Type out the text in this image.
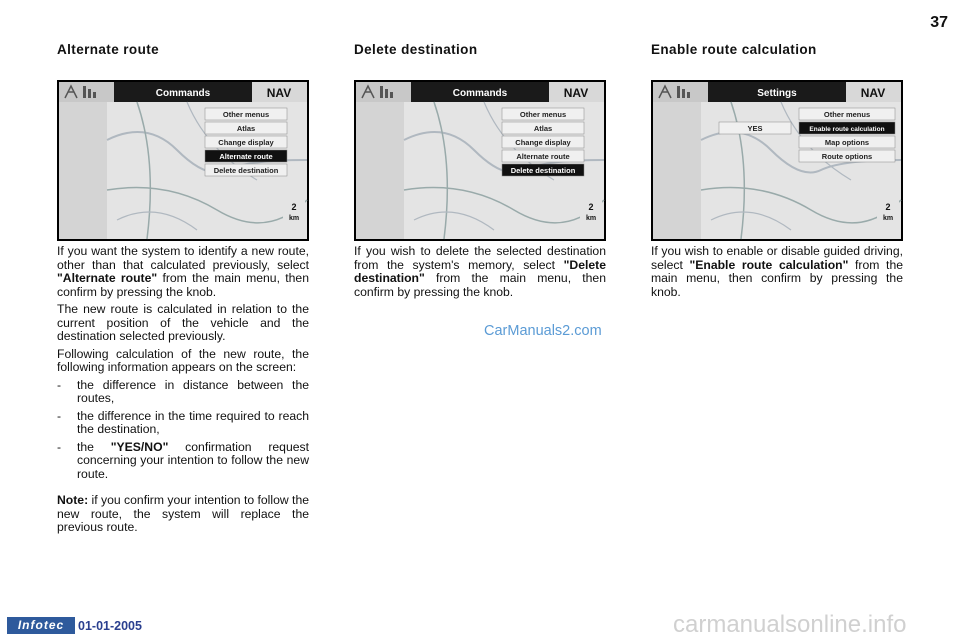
37
Alternate route
Commands	NAV
Other menus
Atlas
Change display
Alternate route
Delete destination
2
km

If you want the system to identify a new route, other than that calculated previously, select "Alternate route" from the main menu, then confirm by pressing the knob.

The new route is calculated in relation to the current position of the vehicle and the destination selected previously.

Following calculation of the new route, the following information appears on the screen:

- the difference in distance between the routes,
- the difference in the time required to reach the destination,
- the "YES/NO" confirmation request concerning your intention to follow the new route.

Note: if you confirm your intention to follow the new route, the system will replace the previous route.

Delete destination
Commands	NAV
Other menus
Atlas
Change display
Alternate route
Delete destination
2
km

If you wish to delete the selected destination from the system's memory, select "Delete destination" from the main menu, then confirm by pressing the knob.

Enable route calculation
Settings	NAV
YES
Other menus
Enable route calculation
Map options
Route options
2
km

If you wish to enable or disable guided driving, select "Enable route calculation" from the main menu, then confirm by pressing the knob.

CarManuals2.com
Infotec	01-01-2005	carmanualsonline.info
